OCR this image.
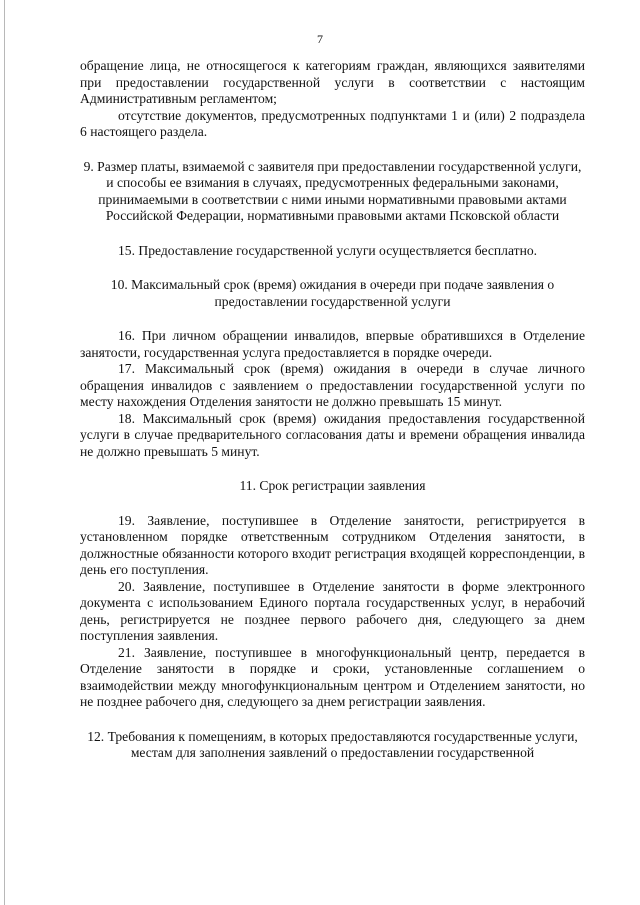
7

обращение лица, не относящегося к категориям граждан, являющихся заявителями при предоставлении государственной услуги в соответствии с настоящим Административным регламентом;

отсутствие документов, предусмотренных подпунктами 1 и (или) 2 подраздела 6 настоящего раздела.

9. Размер платы, взимаемой с заявителя при предоставлении государственной услуги, и способы ее взимания в случаях, предусмотренных федеральными законами, принимаемыми в соответствии с ними иными нормативными правовыми актами Российской Федерации, нормативными правовыми актами Псковской области

15. Предоставление государственной услуги осуществляется бесплатно.

10. Максимальный срок (время) ожидания в очереди при подаче заявления о предоставлении государственной услуги

16. При личном обращении инвалидов, впервые обратившихся в Отделение занятости, государственная услуга предоставляется в порядке очереди.

17. Максимальный срок (время) ожидания в очереди в случае личного обращения инвалидов с заявлением о предоставлении государственной услуги по месту нахождения Отделения занятости не должно превышать 15 минут.

18. Максимальный срок (время) ожидания предоставления государственной услуги в случае предварительного согласования даты и времени обращения инвалида не должно превышать 5 минут.

11. Срок регистрации заявления

19. Заявление, поступившее в Отделение занятости, регистрируется в установленном порядке ответственным сотрудником Отделения занятости, в должностные обязанности которого входит регистрация входящей корреспонденции, в день его поступления.

20. Заявление, поступившее в Отделение занятости в форме электронного документа с использованием Единого портала государственных услуг, в нерабочий день, регистрируется не позднее первого рабочего дня, следующего за днем поступления заявления.

21. Заявление, поступившее в многофункциональный центр, передается в Отделение занятости в порядке и сроки, установленные соглашением о взаимодействии между многофункциональным центром и Отделением занятости, но не позднее рабочего дня, следующего за днем регистрации заявления.

12. Требования к помещениям, в которых предоставляются государственные услуги, местам для заполнения заявлений о предоставлении государственной
